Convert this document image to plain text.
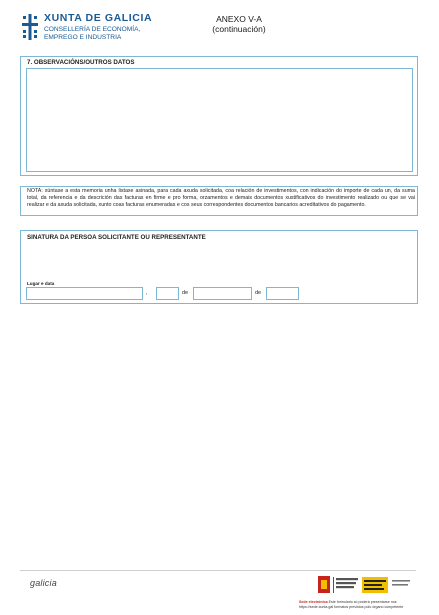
XUNTA DE GALICIA
CONSELLERÍA DE ECONOMÍA,
EMPREGO E INDUSTRIA
ANEXO V-A
(continuación)
7. OBSERVACIÓNS/OUTROS DATOS
NOTA: xúntase a esta memoria unha listaxe asinada, para cada axuda solicitada, coa relación de investimentos, con indicación do importe de cada un, da suma total, da referencia e da descrición das facturas en firme e pro forma, orzamentos e demais documentos xustificativos do investimento realizado ou que se vai realizar e da axuda solicitada, xunto coas facturas enumeradas e cos seus correspondentes documentos bancarios acreditativos do pagamento.
SINATURA DA PERSOA SOLICITANTE OU REPRESENTANTE
Lugar e data
,	de	de
galicia
Sede electrónica Este formulario só poderá presentarse nos
https://sede.xunta.gal formatos previstos polo órgano competente
